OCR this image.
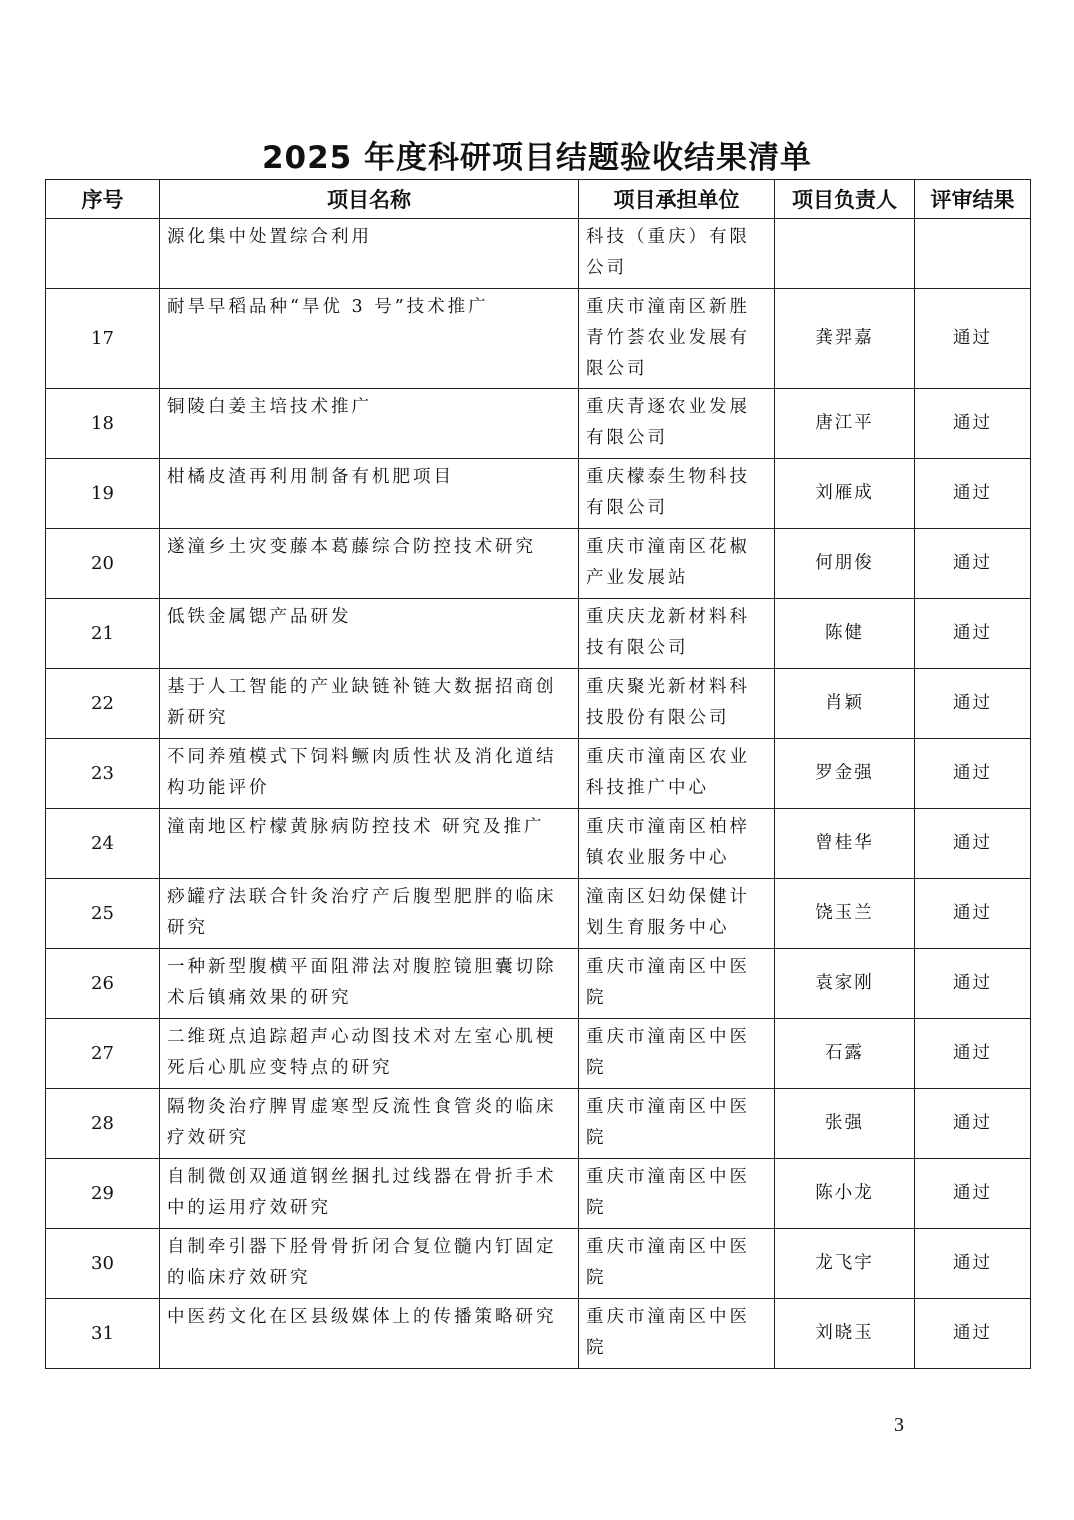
2025 年度科研项目结题验收结果清单
序号	项目名称	项目承担单位	项目负责人	评审结果
	源化集中处置综合利用	科技（重庆）有限公司		
17	耐旱早稻品种“旱优 3 号”技术推广	重庆市潼南区新胜青竹荟农业发展有限公司	龚羿嘉	通过
18	铜陵白姜主培技术推广	重庆青逐农业发展有限公司	唐江平	通过
19	柑橘皮渣再利用制备有机肥项目	重庆檬泰生物科技有限公司	刘雁成	通过
20	遂潼乡土灾变藤本葛藤综合防控技术研究	重庆市潼南区花椒产业发展站	何朋俊	通过
21	低铁金属锶产品研发	重庆庆龙新材料科技有限公司	陈健	通过
22	基于人工智能的产业缺链补链大数据招商创新研究	重庆聚光新材料科技股份有限公司	肖颖	通过
23	不同养殖模式下饲料鳜肉质性状及消化道结构功能评价	重庆市潼南区农业科技推广中心	罗金强	通过
24	潼南地区柠檬黄脉病防控技术 研究及推广	重庆市潼南区柏梓镇农业服务中心	曾桂华	通过
25	痧罐疗法联合针灸治疗产后腹型肥胖的临床研究	潼南区妇幼保健计划生育服务中心	饶玉兰	通过
26	一种新型腹横平面阻滞法对腹腔镜胆囊切除术后镇痛效果的研究	重庆市潼南区中医院	袁家刚	通过
27	二维斑点追踪超声心动图技术对左室心肌梗死后心肌应变特点的研究	重庆市潼南区中医院	石露	通过
28	隔物灸治疗脾胃虚寒型反流性食管炎的临床疗效研究	重庆市潼南区中医院	张强	通过
29	自制微创双通道钢丝捆扎过线器在骨折手术中的运用疗效研究	重庆市潼南区中医院	陈小龙	通过
30	自制牵引器下胫骨骨折闭合复位髓内钉固定的临床疗效研究	重庆市潼南区中医院	龙飞宇	通过
31	中医药文化在区县级媒体上的传播策略研究	重庆市潼南区中医院	刘晓玉	通过
3
